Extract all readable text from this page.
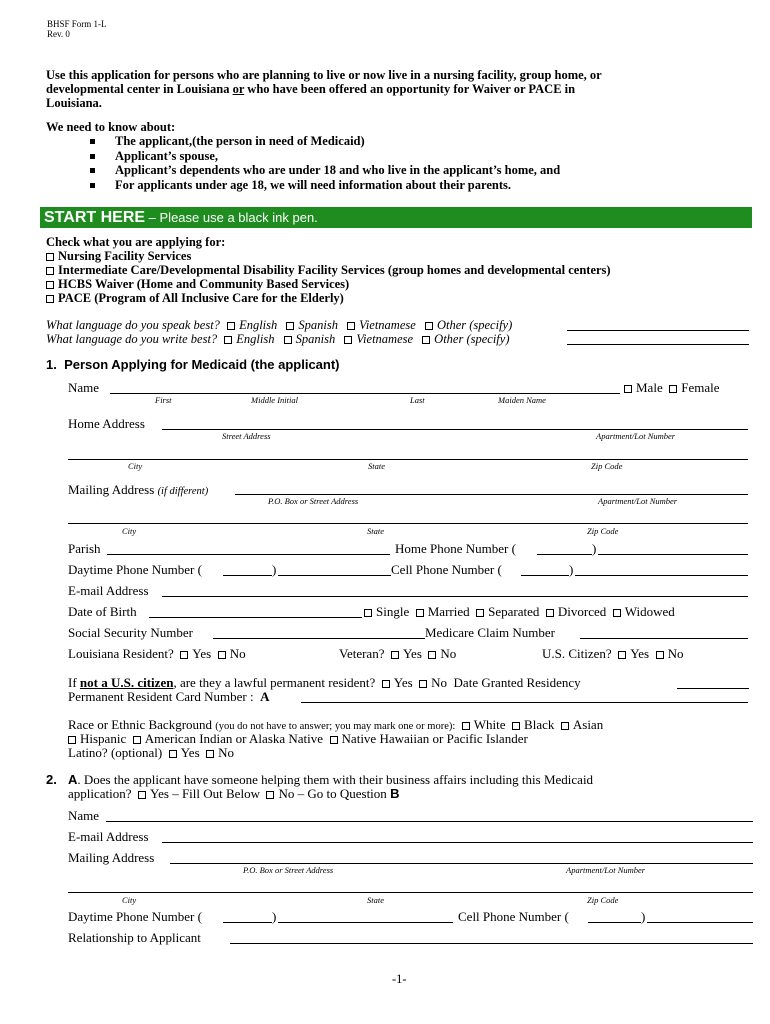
BHSF Form 1-L
Rev. 0
Use this application for persons who are planning to live or now live in a nursing facility, group home, or
developmental center in Louisiana or who have been offered an opportunity for Waiver or PACE in
Louisiana.
We need to know about:
The applicant,(the person in need of Medicaid)
Applicant’s spouse,
Applicant’s dependents who are under 18 and who live in the applicant’s home, and
For applicants under age 18, we will need information about their parents.
START HERE – Please use a black ink pen.
Check what you are applying for:
Nursing Facility Services
Intermediate Care/Developmental Disability Facility Services (group homes and developmental centers)
HCBS Waiver (Home and Community Based Services)
PACE (Program of All Inclusive Care for the Elderly)
What language do you speak best? English Spanish Vietnamese Other (specify)
What language do you write best? English Spanish Vietnamese Other (specify)
1. Person Applying for Medicaid (the applicant)
Name	Male Female
First	Middle Initial	Last	Maiden Name
Home Address
Street Address	Apartment/Lot Number
City	State	Zip Code
Mailing Address (if different)
P.O. Box or Street Address	Apartment/Lot Number
City	State	Zip Code
Parish	Home Phone Number (	)
Daytime Phone Number (	)	Cell Phone Number (	)
E-mail Address
Date of Birth	Single Married Separated Divorced Widowed
Social Security Number	Medicare Claim Number
Louisiana Resident? Yes No	Veteran? Yes No	U.S. Citizen? Yes No
If not a U.S. citizen, are they a lawful permanent resident? Yes No Date Granted Residency
Permanent Resident Card Number : A
Race or Ethnic Background (you do not have to answer; you may mark one or more): White Black Asian
Hispanic American Indian or Alaska Native Native Hawaiian or Pacific Islander
Latino? (optional) Yes No
2. A. Does the applicant have someone helping them with their business affairs including this Medicaid
application? Yes – Fill Out Below No – Go to Question B
Name
E-mail Address
Mailing Address
P.O. Box or Street Address	Apartment/Lot Number
City	State	Zip Code
Daytime Phone Number (	)	Cell Phone Number (	)
Relationship to Applicant
-1-
